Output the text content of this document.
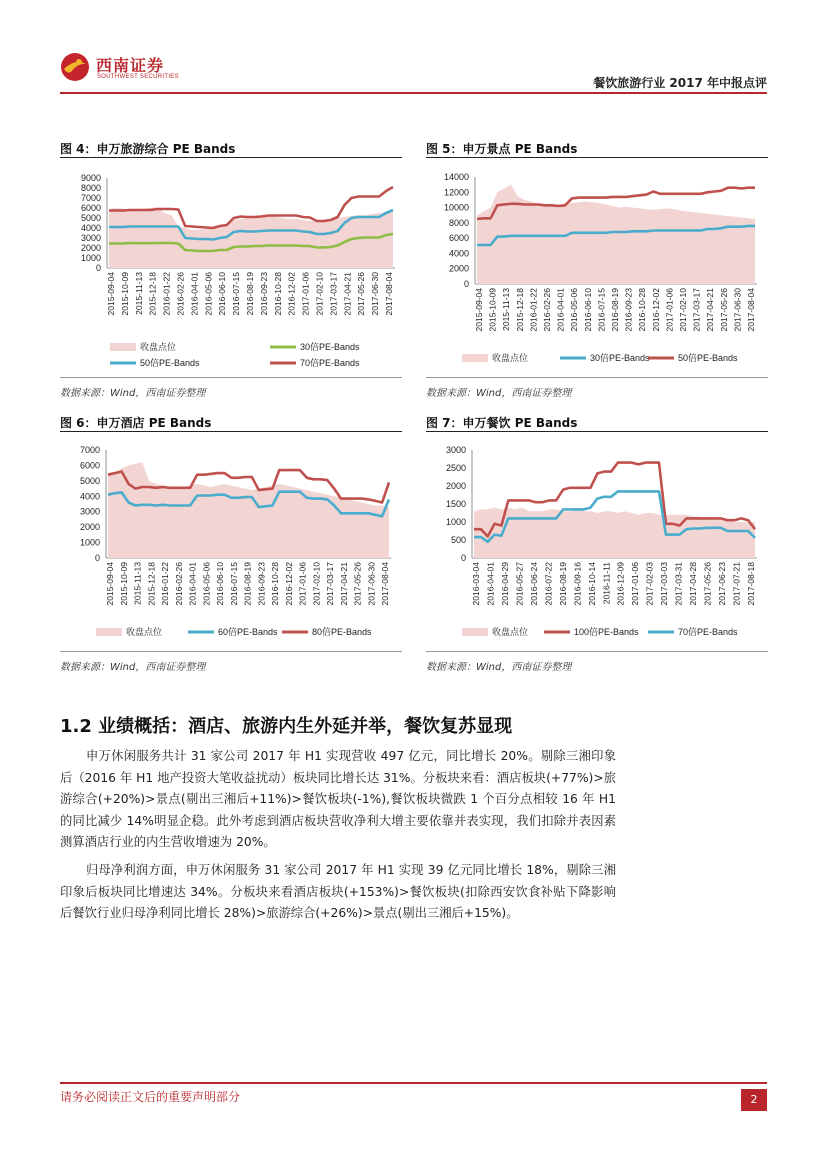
西南证券
SOUTHWEST SECURITIES	餐饮旅游行业 2017 年中报点评
图 4：申万旅游综合 PE Bands
9000
8000
7000
6000
5000
4000
3000
2000
1000
0
2015-09-04 2015-10-09 2015-11-13 2015-12-18 2016-01-22 2016-02-26 2016-04-01 2016-05-06 2016-06-10 2016-07-15 2016-08-19 2016-09-23 2016-10-28 2016-12-02 2017-01-06 2017-02-10 2017-03-17 2017-04-21 2017-05-26 2017-06-30 2017-08-04
收盘点位	30倍PE-Bands
50倍PE-Bands	70倍PE-Bands
数据来源：Wind，西南证券整理
图 5：申万景点 PE Bands
14000
12000
10000
8000
6000
4000
2000
0
2015-09-04 2015-10-09 2015-11-13 2015-12-18 2016-01-22 2016-02-26 2016-04-01 2016-05-06 2016-06-10 2016-07-15 2016-08-19 2016-09-23 2016-10-28 2016-12-02 2017-01-06 2017-02-10 2017-03-17 2017-04-21 2017-05-26 2017-06-30 2017-08-04
收盘点位	30倍PE-Bands	50倍PE-Bands
数据来源：Wind，西南证券整理
图 6：申万酒店 PE Bands
7000
6000
5000
4000
3000
2000
1000
0
2015-09-04 2015-10-09 2015-11-13 2015-12-18 2016-01-22 2016-02-26 2016-04-01 2016-05-06 2016-06-10 2016-07-15 2016-08-19 2016-09-23 2016-10-28 2016-12-02 2017-01-06 2017-02-10 2017-03-17 2017-04-21 2017-05-26 2017-06-30 2017-08-04
收盘点位	60倍PE-Bands	80倍PE-Bands
数据来源：Wind，西南证券整理
图 7：申万餐饮 PE Bands
3000
2500
2000
1500
1000
500
0
2016-03-04 2016-04-01 2016-04-29 2016-05-27 2016-06-24 2016-07-22 2016-08-19 2016-09-16 2016-10-14 2016-11-11 2016-12-09 2017-01-06 2017-02-03 2017-03-03 2017-03-31 2017-04-28 2017-05-26 2017-06-23 2017-07-21 2017-08-18
收盘点位	100倍PE-Bands	70倍PE-Bands
数据来源：Wind，西南证券整理
1.2 业绩概括：酒店、旅游内生外延并举，餐饮复苏显现
申万休闲服务共计 31 家公司 2017 年 H1 实现营收 497 亿元，同比增长 20%。剔除三湘印象后（2016 年 H1 地产投资大笔收益扰动）板块同比增长达 31%。分板块来看：酒店板块(+77%)>旅游综合(+20%)>景点(剔出三湘后+11%)>餐饮板块(-1%),餐饮板块微跌 1 个百分点相较 16 年 H1 的同比减少 14%明显企稳。此外考虑到酒店板块营收净利大增主要依靠并表实现，我们扣除并表因素测算酒店行业的内生营收增速为 20%。
归母净利润方面，申万休闲服务 31 家公司 2017 年 H1 实现 39 亿元同比增长 18%，剔除三湘印象后板块同比增速达 34%。分板块来看酒店板块(+153%)>餐饮板块(扣除西安饮食补贴下降影响后餐饮行业归母净利同比增长 28%)>旅游综合(+26%)>景点(剔出三湘后+15%)。
请务必阅读正文后的重要声明部分	2
